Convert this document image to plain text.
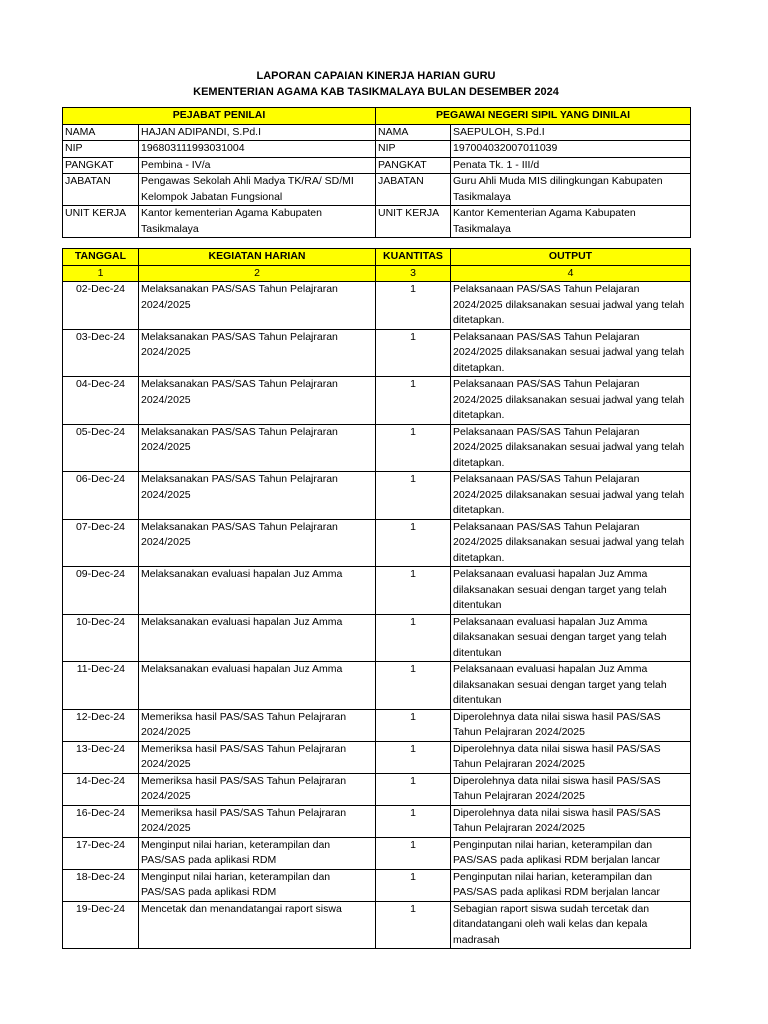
LAPORAN CAPAIAN KINERJA HARIAN GURU
KEMENTERIAN AGAMA KAB TASIKMALAYA BULAN DESEMBER 2024
PEJABAT PENILAI		PEGAWAI NEGERI SIPIL YANG DINILAI	
NAMA	HAJAN ADIPANDI, S.Pd.I	NAMA	SAEPULOH, S.Pd.I
NIP	196803111993031004	NIP	197004032007011039
PANGKAT	Pembina - IV/a	PANGKAT	Penata Tk. 1 - III/d
JABATAN	Pengawas Sekolah Ahli Madya TK/RA/ SD/MI Kelompok Jabatan Fungsional	JABATAN	Guru Ahli Muda MIS dilingkungan Kabupaten Tasikmalaya
UNIT KERJA	Kantor kementerian Agama Kabupaten Tasikmalaya	UNIT KERJA	Kantor Kementerian Agama Kabupaten Tasikmalaya
TANGGAL	KEGIATAN HARIAN	KUANTITAS	OUTPUT
1	2	3	4
02-Dec-24	Melaksanakan PAS/SAS Tahun Pelajraran 2024/2025	1	Pelaksanaan PAS/SAS Tahun Pelajaran 2024/2025 dilaksanakan sesuai jadwal yang telah ditetapkan.
03-Dec-24	Melaksanakan PAS/SAS Tahun Pelajraran 2024/2025	1	Pelaksanaan PAS/SAS Tahun Pelajaran 2024/2025 dilaksanakan sesuai jadwal yang telah ditetapkan.
04-Dec-24	Melaksanakan PAS/SAS Tahun Pelajraran 2024/2025	1	Pelaksanaan PAS/SAS Tahun Pelajaran 2024/2025 dilaksanakan sesuai jadwal yang telah ditetapkan.
05-Dec-24	Melaksanakan PAS/SAS Tahun Pelajraran 2024/2025	1	Pelaksanaan PAS/SAS Tahun Pelajaran 2024/2025 dilaksanakan sesuai jadwal yang telah ditetapkan.
06-Dec-24	Melaksanakan PAS/SAS Tahun Pelajraran 2024/2025	1	Pelaksanaan PAS/SAS Tahun Pelajaran 2024/2025 dilaksanakan sesuai jadwal yang telah ditetapkan.
07-Dec-24	Melaksanakan PAS/SAS Tahun Pelajraran 2024/2025	1	Pelaksanaan PAS/SAS Tahun Pelajaran 2024/2025 dilaksanakan sesuai jadwal yang telah ditetapkan.
09-Dec-24	Melaksanakan evaluasi hapalan Juz Amma	1	Pelaksanaan evaluasi hapalan Juz Amma dilaksanakan sesuai dengan target yang telah ditentukan
10-Dec-24	Melaksanakan evaluasi hapalan Juz Amma	1	Pelaksanaan evaluasi hapalan Juz Amma dilaksanakan sesuai dengan target yang telah ditentukan
11-Dec-24	Melaksanakan evaluasi hapalan Juz Amma	1	Pelaksanaan evaluasi hapalan Juz Amma dilaksanakan sesuai dengan target yang telah ditentukan
12-Dec-24	Memeriksa hasil PAS/SAS Tahun Pelajraran 2024/2025	1	Diperolehnya data nilai siswa hasil PAS/SAS Tahun Pelajraran 2024/2025
13-Dec-24	Memeriksa hasil PAS/SAS Tahun Pelajraran 2024/2025	1	Diperolehnya data nilai siswa hasil PAS/SAS Tahun Pelajraran 2024/2025
14-Dec-24	Memeriksa hasil PAS/SAS Tahun Pelajraran 2024/2025	1	Diperolehnya data nilai siswa hasil PAS/SAS Tahun Pelajraran 2024/2025
16-Dec-24	Memeriksa hasil PAS/SAS Tahun Pelajraran 2024/2025	1	Diperolehnya data nilai siswa hasil PAS/SAS Tahun Pelajraran 2024/2025
17-Dec-24	Menginput nilai harian, keterampilan dan PAS/SAS pada aplikasi RDM	1	Penginputan nilai harian, keterampilan dan PAS/SAS pada aplikasi RDM berjalan lancar
18-Dec-24	Menginput nilai harian, keterampilan dan PAS/SAS pada aplikasi RDM	1	Penginputan nilai harian, keterampilan dan PAS/SAS pada aplikasi RDM berjalan lancar
19-Dec-24	Mencetak dan menandatangai raport siswa	1	Sebagian raport siswa sudah tercetak dan ditandatangani oleh wali kelas dan kepala madrasah
